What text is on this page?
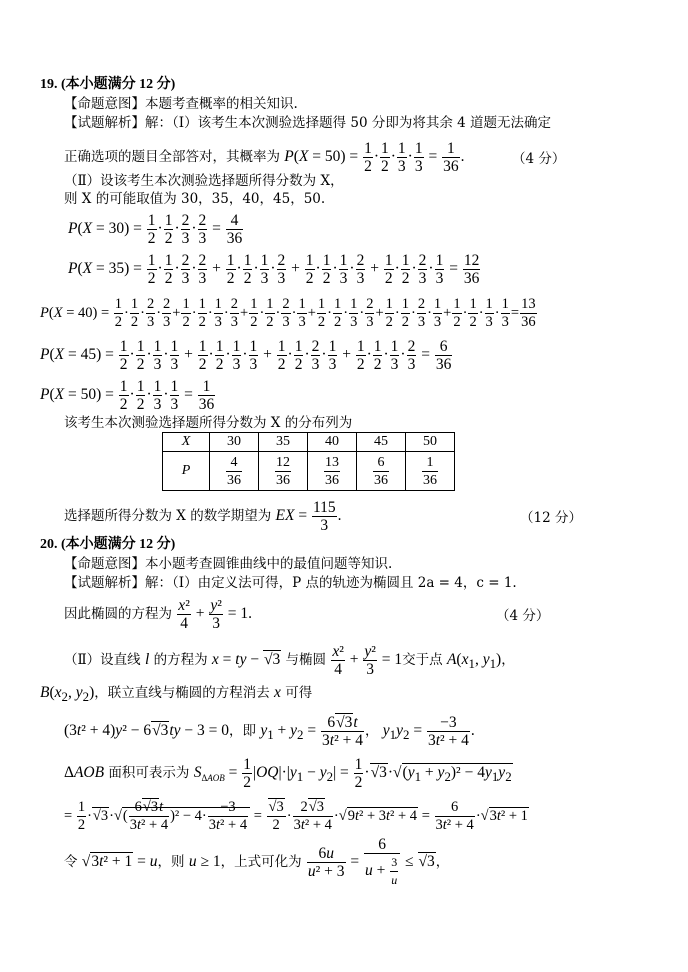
19. (本小题满分 12 分)
【命题意图】本题考查概率的相关知识.
【试题解析】解：（Ⅰ）该考生本次测验选择题得 50 分即为将其余 4 道题无法确定
正确选项的题目全部答对，其概率为 $P(X = 50) = \frac{1}{2} \cdot \frac{1}{2} \cdot \frac{1}{3} \cdot \frac{1}{3} = \frac{1}{36}$ .	（4 分）
（Ⅱ）设该考生本次测验选择题所得分数为 X，
则 X 的可能取值为 30，35，40，45，50.
$P(X = 30) = \frac{1}{2} \cdot \frac{1}{2} \cdot \frac{2}{3} \cdot \frac{2}{3} = \frac{4}{36}$
$P(X = 35) = \frac{1}{2} \cdot \frac{1}{2} \cdot \frac{2}{3} \cdot \frac{2}{3} + \frac{1}{2} \cdot \frac{1}{2} \cdot \frac{1}{3} \cdot \frac{2}{3} + \frac{1}{2} \cdot \frac{1}{2} \cdot \frac{1}{3} \cdot \frac{2}{3} + \frac{1}{2} \cdot \frac{1}{2} \cdot \frac{2}{3} \cdot \frac{1}{3} = \frac{12}{36}$
$P(X = 40) = \frac{1}{2} \cdot \frac{1}{2} \cdot \frac{2}{3} \cdot \frac{2}{3} + \frac{1}{2} \cdot \frac{1}{2} \cdot \frac{1}{3} \cdot \frac{2}{3} + \frac{1}{2} \cdot \frac{1}{2} \cdot \frac{2}{3} \cdot \frac{1}{3} + \frac{1}{2} \cdot \frac{1}{2} \cdot \frac{1}{3} \cdot \frac{2}{3} + \frac{1}{2} \cdot \frac{1}{2} \cdot \frac{2}{3} \cdot \frac{1}{3} + \frac{1}{2} \cdot \frac{1}{2} \cdot \frac{1}{3} \cdot \frac{1}{3} = \frac{13}{36}$
$P(X = 45) = \frac{1}{2} \cdot \frac{1}{2} \cdot \frac{1}{3} \cdot \frac{1}{3} + \frac{1}{2} \cdot \frac{1}{2} \cdot \frac{1}{3} \cdot \frac{1}{3} + \frac{1}{2} \cdot \frac{1}{2} \cdot \frac{2}{3} \cdot \frac{1}{3} + \frac{1}{2} \cdot \frac{1}{2} \cdot \frac{1}{3} \cdot \frac{2}{3} = \frac{6}{36}$
$P(X = 50) = \frac{1}{2} \cdot \frac{1}{2} \cdot \frac{1}{3} \cdot \frac{1}{3} = \frac{1}{36}$
该考生本次测验选择题所得分数为 X 的分布列为
X	30	35	40	45	50
P	$\frac{4}{36}$	$\frac{12}{36}$	$\frac{13}{36}$	$\frac{6}{36}$	$\frac{1}{36}$
选择题所得分数为 X 的数学期望为 EX = $\frac{115}{3}$ .	（12 分）
20. (本小题满分 12 分)
【命题意图】本小题考查圆锥曲线中的最值问题等知识.
【试题解析】解：（Ⅰ）由定义法可得，P 点的轨迹为椭圆且 2a = 4，c = 1.
因此椭圆的方程为 $\frac{\text{x²}}{4} + \frac{\text{y²}}{3} = 1$.	（4 分）
（Ⅱ）设直线 l 的方程为 x = ty − √3 与椭圆 $\frac{\text{x²}}{4} + \frac{\text{y²}}{3} = 1$交于点 $A(x_1$, $y_1$)，
$B(x_2$, $y_2$)，联立直线与椭圆的方程消去 x 可得
(3t² + 4)y² − 6√3ty − 3 = 0，即 $y_1 + y_2 = \frac{6√3t}{\text{3t² + 4}}$ ， $y_1y_2 = \frac{-3}{\text{3t² + 4}}$ .
ΔAOB 面积可表示为 $S_{\Delta AOB} = \frac{1}{2} |OQ|\cdot|y_1 - y_2| = \frac{1}{2} \cdot√3\cdot√(y_1 + y_2)^2 - 4y_1y_2$
= $\frac{1}{2} \cdot√3\cdot√( \frac{6√3t}{\text{3t² + 4}} )^2 - 4\cdot \frac{-3}{\text{3t² + 4}} = \frac{√3}{2} \cdot \frac{2√3}{\text{3t² + 4}} \cdot√9t^2 + 3t^2 + 4 = \frac{6}{\text{3t² + 4}} \cdot√3t^2 + 1$
令 √3t² + 1 = u，则 u ≥ 1，上式可化为 $\frac{6u}{\text{u² + 3}} = \frac{6}{u + \frac{3}{u}} \le √3$，
